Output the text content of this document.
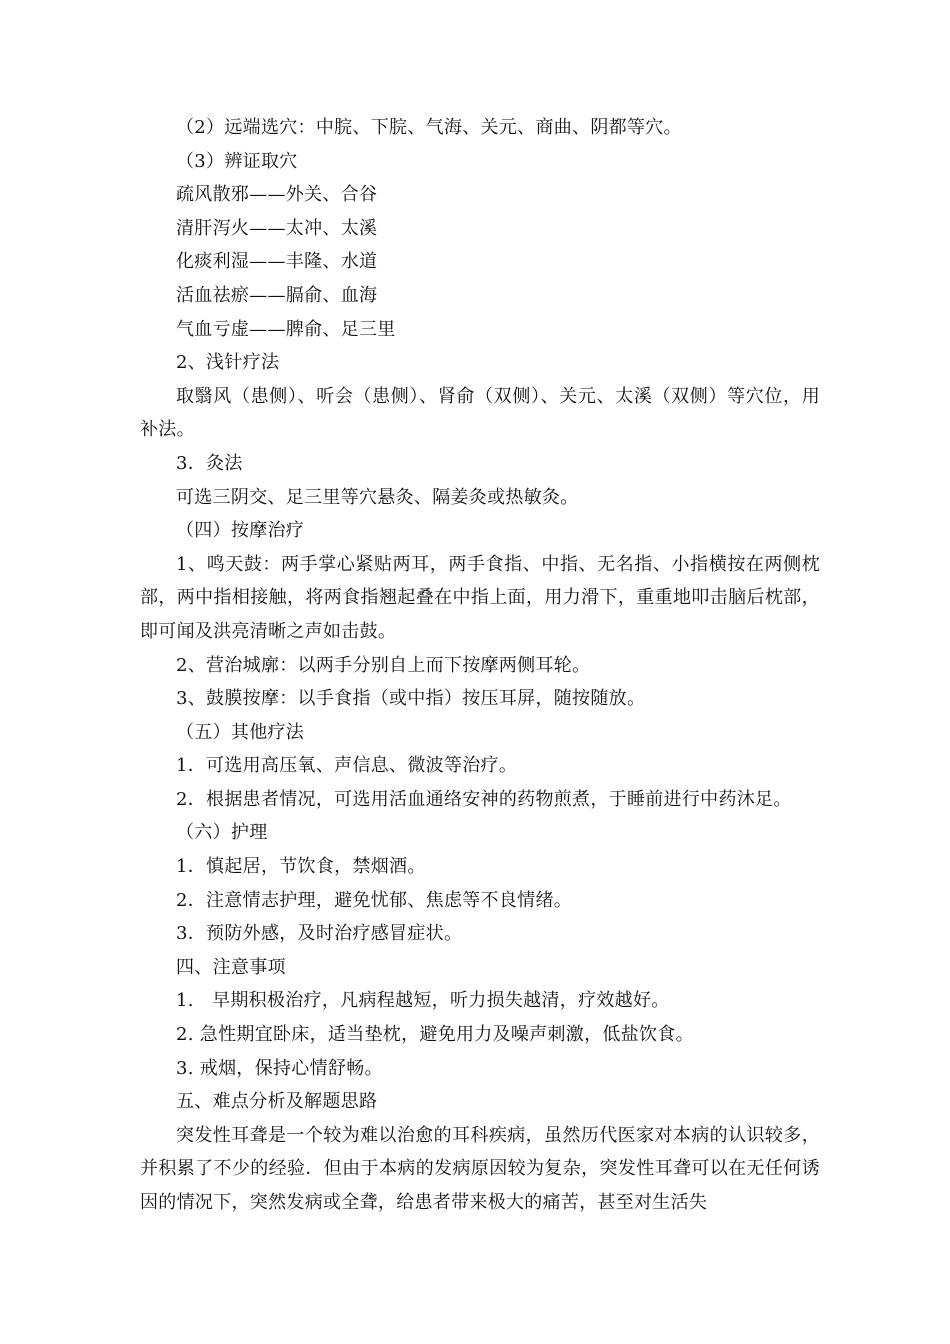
（2）远端选穴：中脘、下脘、气海、关元、商曲、阴都等穴。
（3）辨证取穴
疏风散邪——外关、合谷
清肝泻火——太冲、太溪
化痰利湿——丰隆、水道
活血祛瘀——膈俞、血海
气血亏虚——脾俞、足三里
2、浅针疗法
取翳风（患侧）、听会（患侧）、肾俞（双侧）、关元、太溪（双侧）等穴位，用补法。
3．灸法
可选三阴交、足三里等穴悬灸、隔姜灸或热敏灸。
（四）按摩治疗
1、鸣天鼓：两手掌心紧贴两耳，两手食指、中指、无名指、小指横按在两侧枕部，两中指相接触，将两食指翘起叠在中指上面，用力滑下，重重地叩击脑后枕部，即可闻及洪亮清晰之声如击鼓。
2、营治城廓：以两手分别自上而下按摩两侧耳轮。
3、鼓膜按摩：以手食指（或中指）按压耳屏，随按随放。
（五）其他疗法
1．可选用高压氧、声信息、微波等治疗。
2．根据患者情况，可选用活血通络安神的药物煎煮，于睡前进行中药沐足。
（六）护理
1．慎起居，节饮食，禁烟酒。
2．注意情志护理，避免忧郁、焦虑等不良情绪。
3．预防外感，及时治疗感冒症状。
四、注意事项
1.　早期积极治疗，凡病程越短，听力损失越清，疗效越好。
2. 急性期宜卧床，适当垫枕，避免用力及噪声刺激，低盐饮食。
3. 戒烟，保持心情舒畅。
五、难点分析及解题思路
突发性耳聋是一个较为难以治愈的耳科疾病，虽然历代医家对本病的认识较多，并积累了不少的经验．但由于本病的发病原因较为复杂，突发性耳聋可以在无任何诱因的情况下，突然发病或全聋，给患者带来极大的痛苦，甚至对生活失
